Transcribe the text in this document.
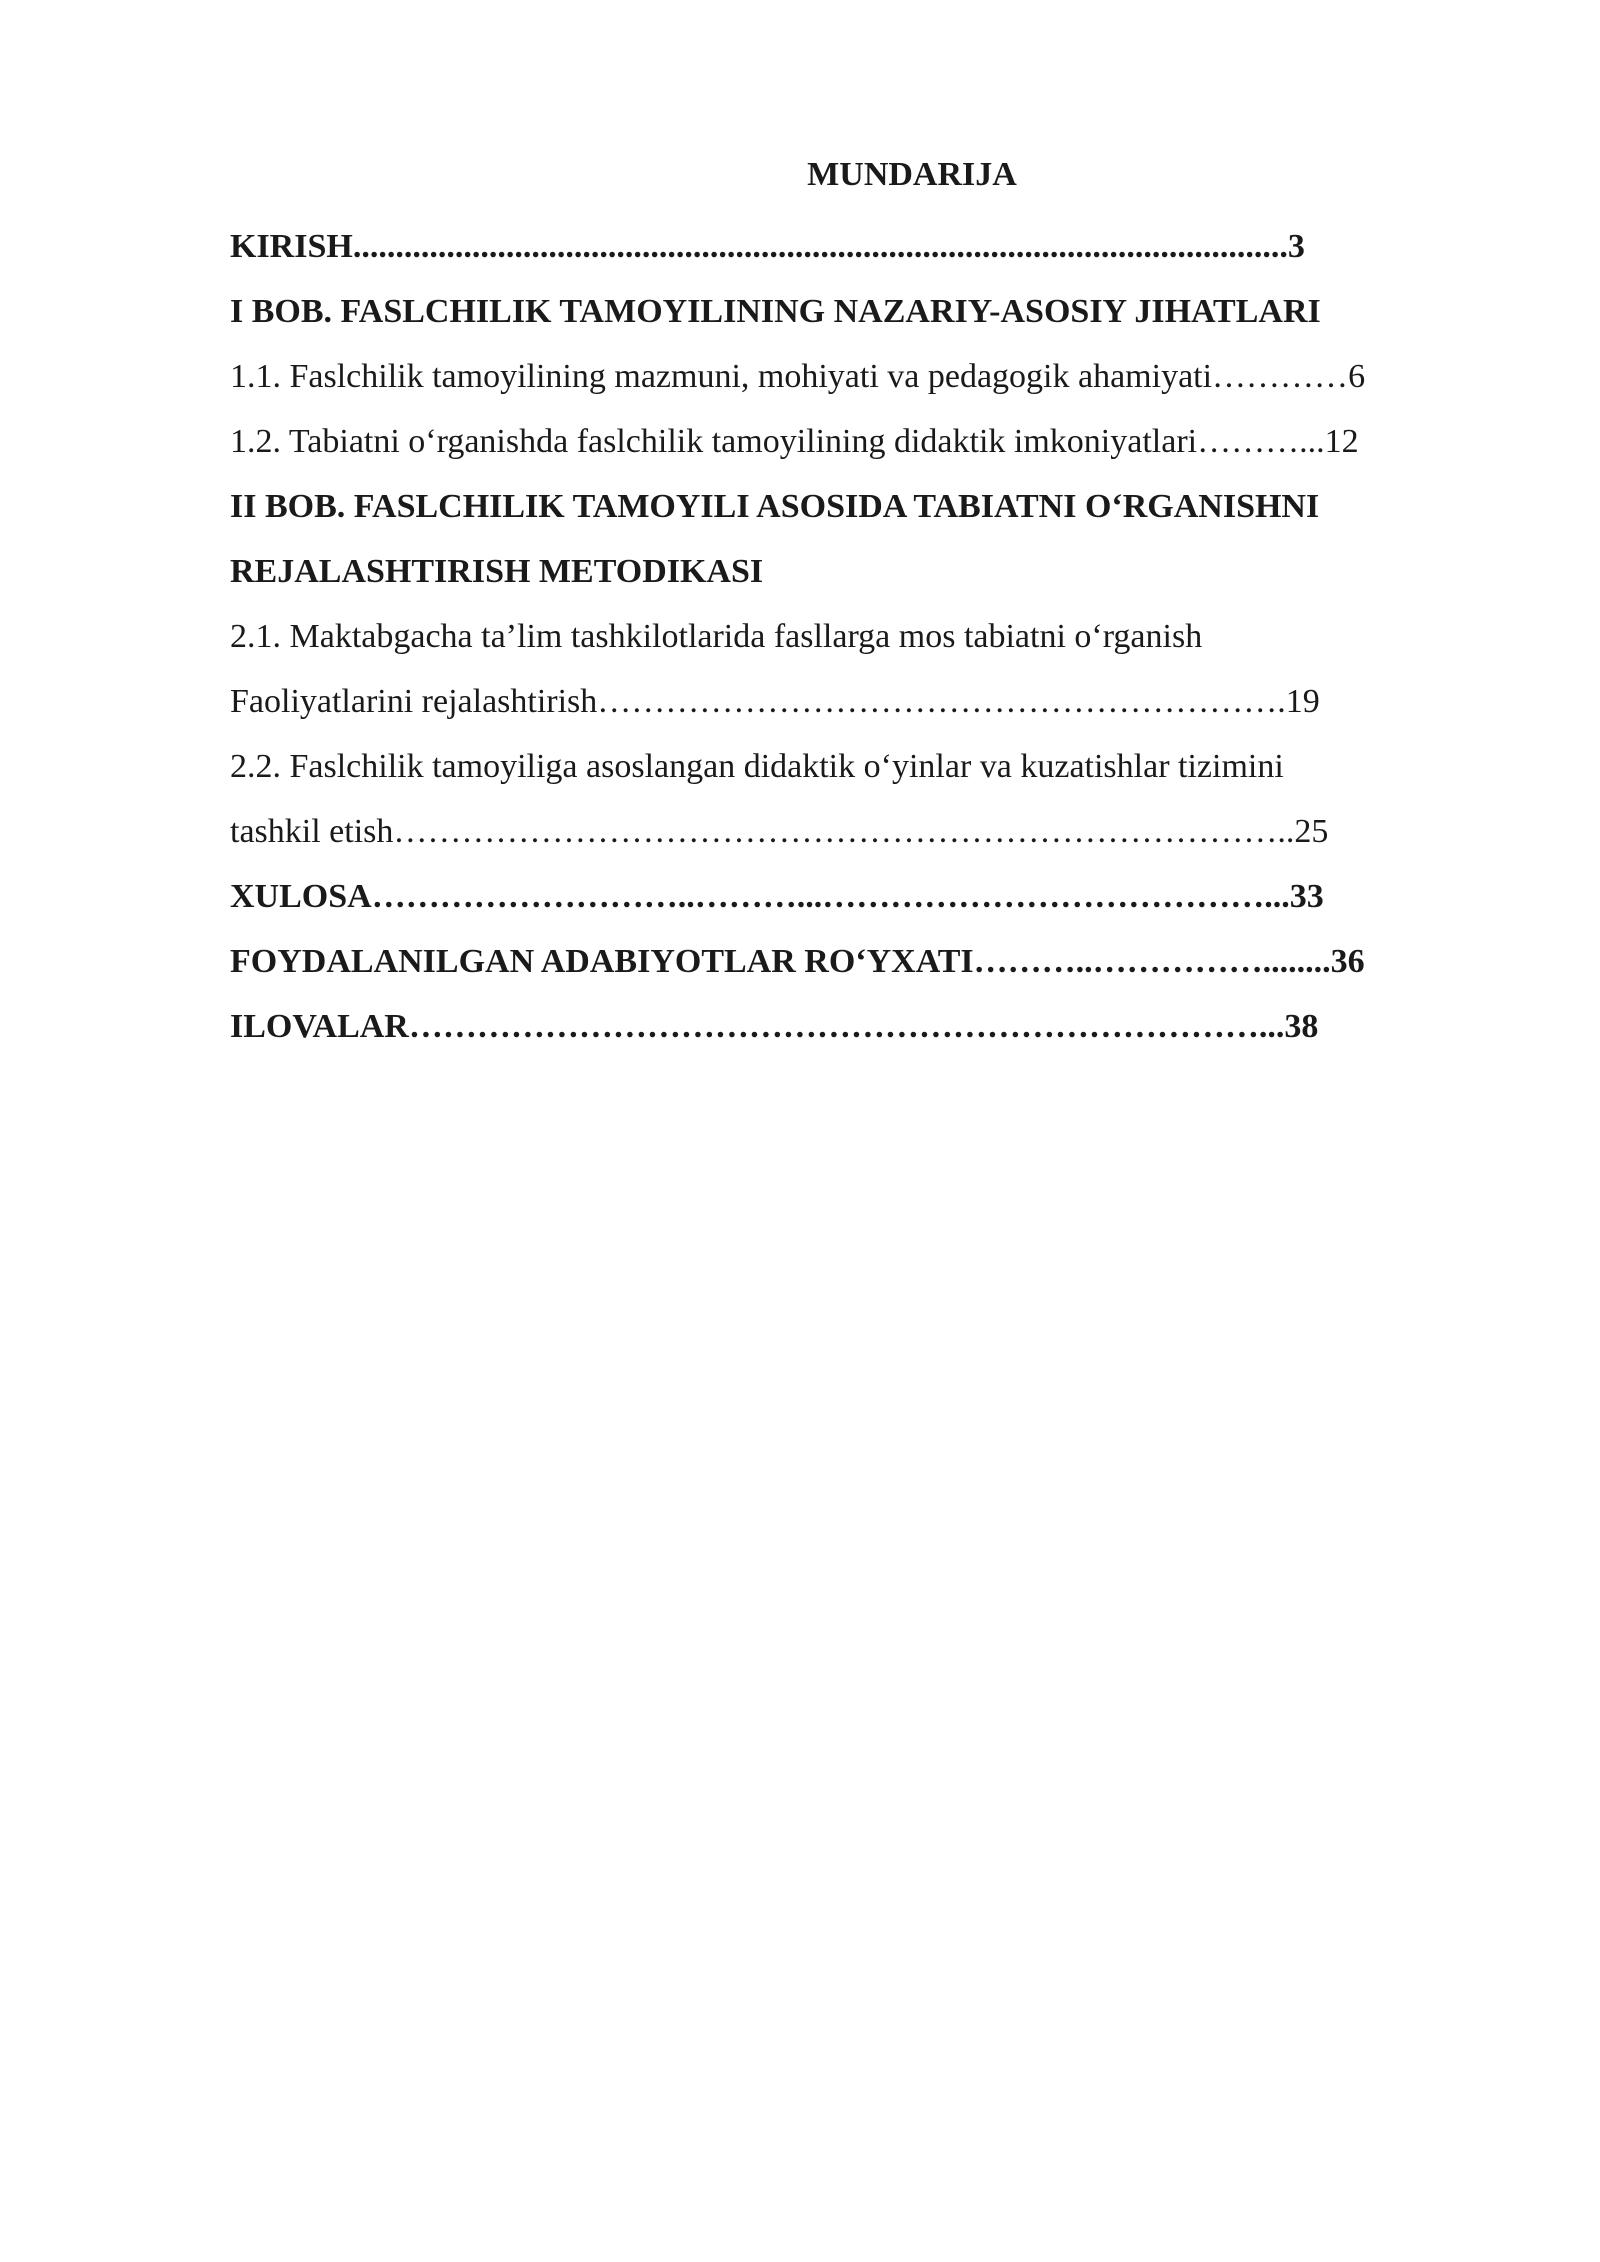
MUNDARIJA
KIRISH..............................................................................................................3
I BOB. FASLCHILIK TAMOYILINING NAZARIY-ASOSIY JIHATLARI
1.1. Faslchilik tamoyilining mazmuni, mohiyati va pedagogik ahamiyati…………6
1.2. Tabiatni o‘rganishda faslchilik tamoyilining didaktik imkoniyatlari………...12
II BOB. FASLCHILIK TAMOYILI ASOSIDA TABIATNI O‘RGANISHNI
REJALASHTIRISH METODIKASI
2.1. Maktabgacha ta’lim tashkilotlarida fasllarga mos tabiatni o‘rganish
Faoliyatlarini rejalashtirish…………………………………………………….19
2.2. Faslchilik tamoyiliga asoslangan didaktik o‘yinlar va kuzatishlar tizimini
tashkil etish……………………………………………………………………..25
XULOSA………………………..………...…………………………………...33
FOYDALANILGAN ADABIYOTLAR RO‘YXATI………..……………........36
ILOVALAR…………………………………………………………………...38
